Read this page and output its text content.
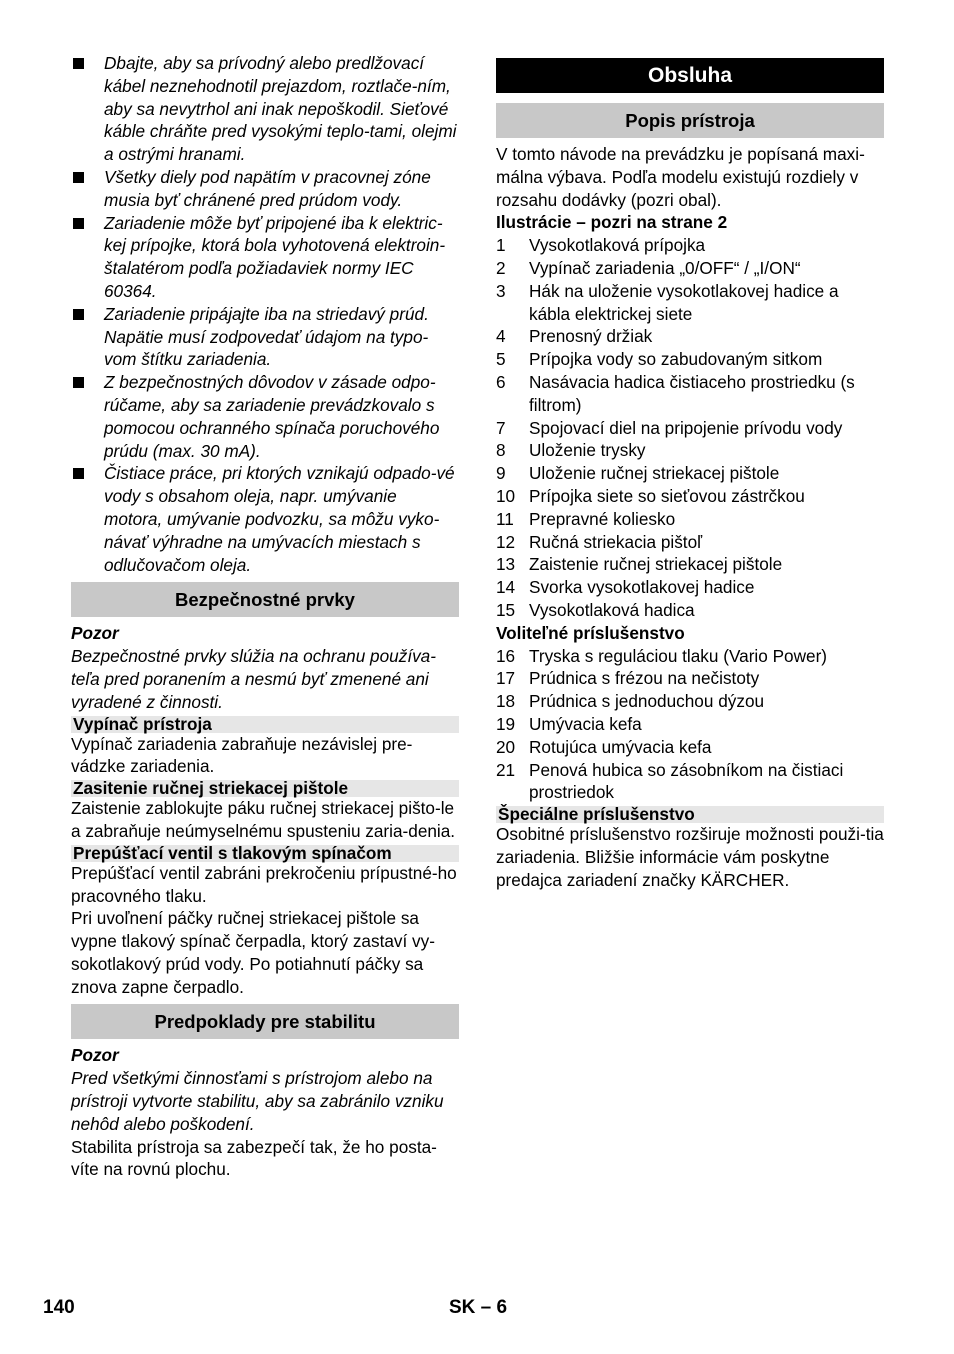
Dbajte, aby sa prívodný alebo predlžovací kábel neznehodnotil prejazdom, roztlače-ním, aby sa nevytrhol ani inak nepoškodil. Sieťové káble chráňte pred vysokými teplo-tami, olejmi a ostrými hranami.
Všetky diely pod napätím v pracovnej zóne musia byť chránené pred prúdom vody.
Zariadenie môže byť pripojené iba k elektric-kej prípojke, ktorá bola vyhotovená elektroin-štalatérom podľa požiadaviek normy IEC 60364.
Zariadenie pripájajte iba na striedavý prúd. Napätie musí zodpovedať údajom na typo-vom štítku zariadenia.
Z bezpečnostných dôvodov v zásade odpo-rúčame, aby sa zariadenie prevádzkovalo s pomocou ochranného spínača poruchového prúdu (max. 30 mA).
Čistiace práce, pri ktorých vznikajú odpado-vé vody s obsahom oleja, napr. umývanie motora, umývanie podvozku, sa môžu vyko-návať výhradne na umývacích miestach s odlučovačom oleja.
Bezpečnostné prvky

Pozor

Bezpečnostné prvky slúžia na ochranu používa-teľa pred poranením a nesmú byť zmenené ani vyradené z činnosti.

Vypínač prístroja

Vypínač zariadenia zabraňuje nezávislej pre-vádzke zariadenia.

Zasitenie ručnej striekacej pištole

Zaistenie zablokujte páku ručnej striekacej pišto-le a zabraňuje neúmyselnému spusteniu zaria-denia.

Prepúšťací ventil s tlakovým spínačom

Prepúšťací ventil zabráni prekročeniu prípustné-ho pracovného tlaku.

Pri uvoľnení páčky ručnej striekacej pištole sa vypne tlakový spínač čerpadla, ktorý zastaví vy-sokotlakový prúd vody. Po potiahnutí páčky sa znova zapne čerpadlo.

Predpoklady pre stabilitu

Pozor

Pred všetkými činnosťami s prístrojom alebo na prístroji vytvorte stabilitu, aby sa zabránilo vzniku nehôd alebo poškodení.

Stabilita prístroja sa zabezpečí tak, že ho posta-víte na rovnú plochu.

Obsluha
Popis prístroja

V tomto návode na prevádzku je popísaná maxi-málna výbava. Podľa modelu existujú rozdiely v rozsahu dodávky (pozri obal).

Ilustrácie – pozri na strane 2

1 Vysokotlaková prípojka
2 Vypínač zariadenia „0/OFF“ / „I/ON“
3 Hák na uloženie vysokotlakovej hadice a kábla elektrickej siete
4 Prenosný držiak
5 Prípojka vody so zabudovaným sitkom
6 Nasávacia hadica čistiaceho prostriedku (s filtrom)
7 Spojovací diel na pripojenie prívodu vody
8 Uloženie trysky
9 Uloženie ručnej striekacej pištole
10 Prípojka siete so sieťovou zástrčkou
11 Prepravné koliesko
12 Ručná striekacia pištoľ
13 Zaistenie ručnej striekacej pištole
14 Svorka vysokotlakovej hadice
15 Vysokotlaková hadica

Voliteľné príslušenstvo

16 Tryska s reguláciou tlaku (Vario Power)
17 Prúdnica s frézou na nečistoty
18 Prúdnica s jednoduchou dýzou
19 Umývacia kefa
20 Rotujúca umývacia kefa
21 Penová hubica so zásobníkom na čistiaci prostriedok
Špeciálne príslušenstvo

Osobitné príslušenstvo rozširuje možnosti použi-tia zariadenia. Bližšie informácie vám poskytne predajca zariadení značky KÄRCHER.

140	SK – 6
